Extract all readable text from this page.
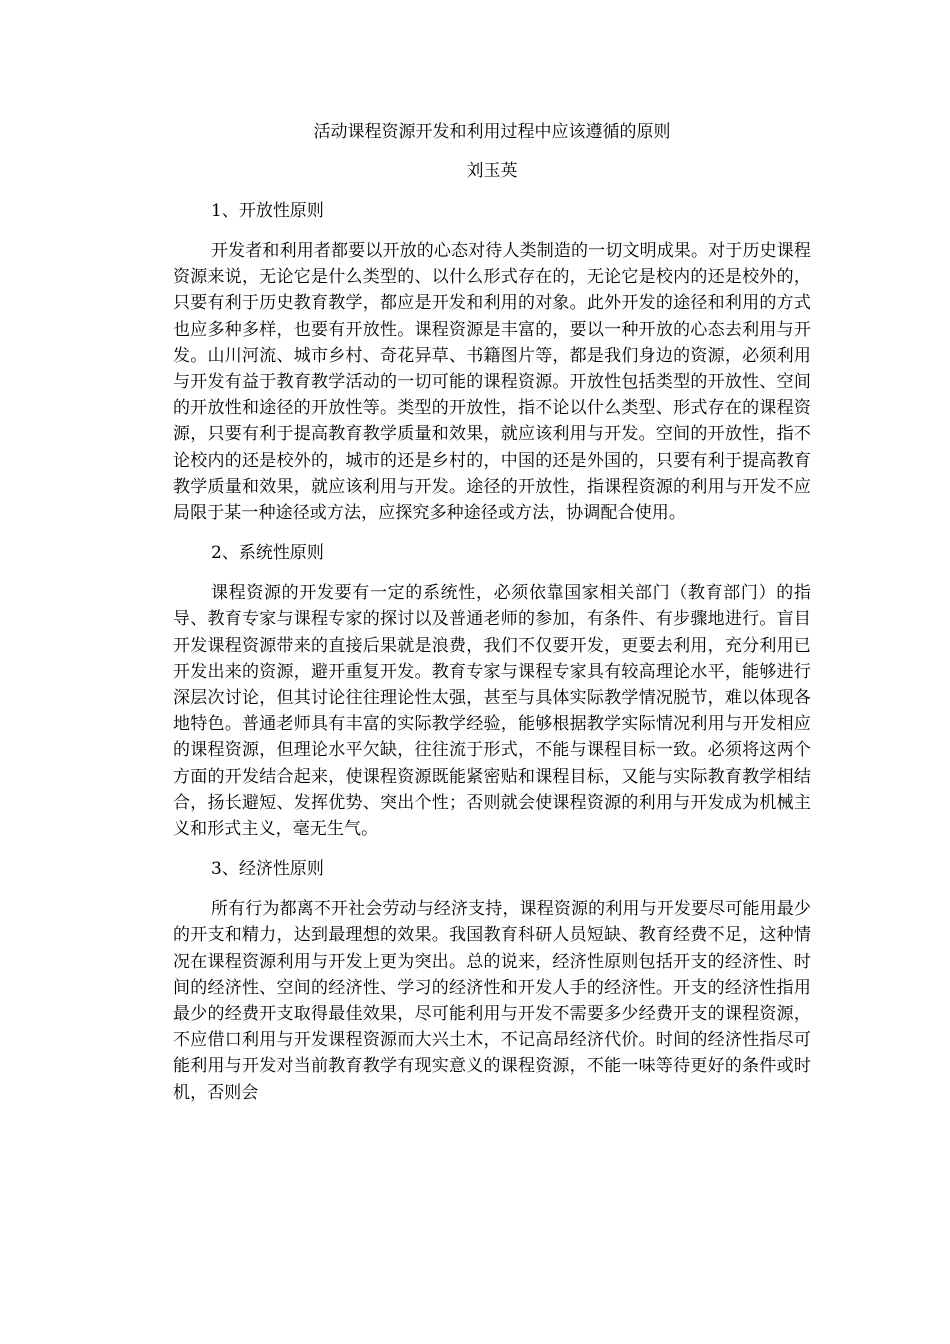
活动课程资源开发和利用过程中应该遵循的原则
刘玉英
1、开放性原则
开发者和利用者都要以开放的心态对待人类制造的一切文明成果。对于历史课程资源来说，无论它是什么类型的、以什么形式存在的，无论它是校内的还是校外的，只要有利于历史教育教学，都应是开发和利用的对象。此外开发的途径和利用的方式也应多种多样，也要有开放性。课程资源是丰富的，要以一种开放的心态去利用与开发。山川河流、城市乡村、奇花异草、书籍图片等，都是我们身边的资源，必须利用与开发有益于教育教学活动的一切可能的课程资源。开放性包括类型的开放性、空间的开放性和途径的开放性等。类型的开放性，指不论以什么类型、形式存在的课程资源，只要有利于提高教育教学质量和效果，就应该利用与开发。空间的开放性，指不论校内的还是校外的，城市的还是乡村的，中国的还是外国的，只要有利于提高教育教学质量和效果，就应该利用与开发。途径的开放性，指课程资源的利用与开发不应局限于某一种途径或方法，应探究多种途径或方法，协调配合使用。
2、系统性原则
课程资源的开发要有一定的系统性，必须依靠国家相关部门（教育部门）的指导、教育专家与课程专家的探讨以及普通老师的参加，有条件、有步骤地进行。盲目开发课程资源带来的直接后果就是浪费，我们不仅要开发，更要去利用，充分利用已开发出来的资源，避开重复开发。教育专家与课程专家具有较高理论水平，能够进行深层次讨论，但其讨论往往理论性太强，甚至与具体实际教学情况脱节，难以体现各地特色。普通老师具有丰富的实际教学经验，能够根据教学实际情况利用与开发相应的课程资源，但理论水平欠缺，往往流于形式，不能与课程目标一致。必须将这两个方面的开发结合起来，使课程资源既能紧密贴和课程目标，又能与实际教育教学相结合，扬长避短、发挥优势、突出个性；否则就会使课程资源的利用与开发成为机械主义和形式主义，毫无生气。
3、经济性原则
所有行为都离不开社会劳动与经济支持，课程资源的利用与开发要尽可能用最少的开支和精力，达到最理想的效果。我国教育科研人员短缺、教育经费不足，这种情况在课程资源利用与开发上更为突出。总的说来，经济性原则包括开支的经济性、时间的经济性、空间的经济性、学习的经济性和开发人手的经济性。开支的经济性指用最少的经费开支取得最佳效果，尽可能利用与开发不需要多少经费开支的课程资源，不应借口利用与开发课程资源而大兴土木，不记高昂经济代价。时间的经济性指尽可能利用与开发对当前教育教学有现实意义的课程资源，不能一味等待更好的条件或时机，否则会
